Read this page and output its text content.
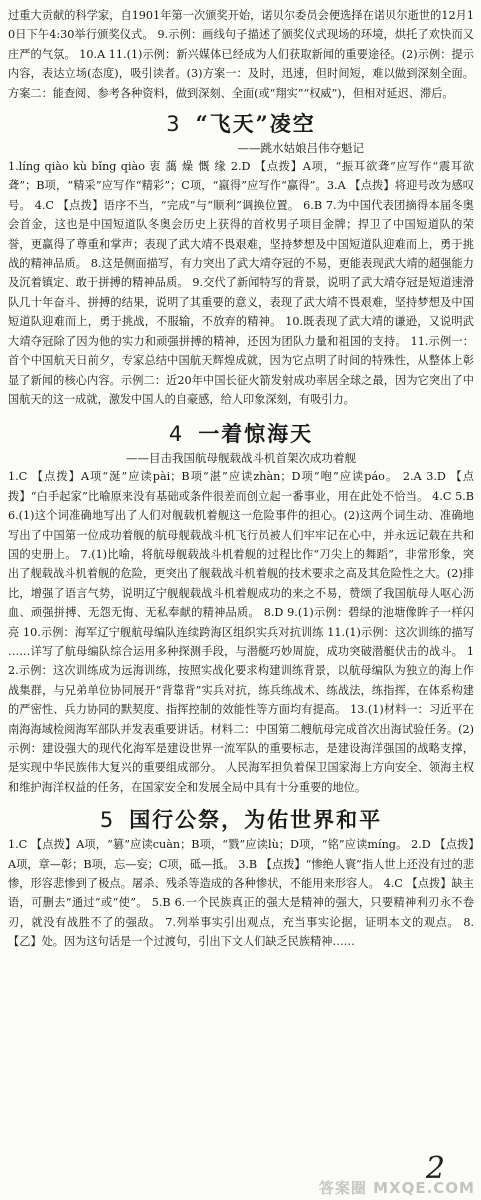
过重大贡献的科学家，自1901年第一次颁奖开始，诺贝尔委员会便选择在诺贝尔逝世的12月10日下午4:30举行颁奖仪式。 9.示例：画线句子描述了颁奖仪式现场的环境，烘托了欢快而又庄严的气氛。 10.A 11.(1)示例：新兴媒体已经成为人们获取新闻的重要途径。(2)示例：提示内容，表达立场(态度)，吸引读者。(3)方案一：及时，迅速，但时间短，难以做到深刻全面。方案二：能查阅、参考各种资料，做到深刻、全面(或“翔实”“权威”)，但相对延迟、滞后。

3 “飞天”凌空

——跳水姑娘吕伟夺魁记

1.líng qiào kù bǐng qiào 衷 藹 燥 慨 缘 2.D 【点拨】A项，“振耳欲聋”应写作“震耳欲聋”；B项，“精采”应写作“精彩”；C项，“嬴得”应写作“赢得”。3.A 【点拨】将迎号改为感叹号。 4.C 【点拨】语序不当，“完成”与“顺利”调换位置。 6.B 7.为中国代表团摘得本届冬奥会首金，这也是中国短道队冬奥会历史上获得的首枚男子项目金牌；捍卫了中国短道队的荣誉，更赢得了尊重和掌声；表现了武大靖不畏艰难，坚持梦想及中国短道队迎难而上，勇于挑战的精神品质。 8.这是侧面描写，有力突出了武大靖夺冠的不易，更能表现武大靖的超强能力及沉着镇定、敢于拼搏的精神品质。 9.交代了新闻特写的背景，说明了武大靖夺冠是短道速滑队几十年奋斗、拼搏的结果，说明了其重要的意义，表现了武大靖不畏艰难，坚持梦想及中国短道队迎难而上，勇于挑战，不服输，不放弃的精神。 10.既表现了武大靖的谦逊，又说明武大靖夺冠除了因为他的实力和顽强拼搏的精神，还因为团队力量和祖国的支持。 11.示例一：首个中国航天日前夕，专家总结中国航天辉煌成就，因为它点明了时间的特殊性，从整体上彰显了新闻的核心内容。示例二：近20年中国长征火箭发射成功率居全球之最，因为它突出了中国航天的这一成就，激发中国人的自豪感，给人印象深刻，有吸引力。

4 一着惊海天

——目击我国航母舰载战斗机首架次成功着舰

1.C 【点拨】A项“涎”应读pài；B项“湛”应读zhàn；D项“咆”应读páo。 2.A 3.D 【点拨】“白手起家”比喻原来没有基础或条件很差而创立起一番事业，用在此处不恰当。 4.C 5.B 6.(1)这个词准确地写出了人们对舰载机着舰这一危险事件的担心。(2)这两个词生动、准确地写出了中国第一位成功着舰的航母舰载战斗机飞行员被人们牢牢记在心中，并永远记载在共和国的史册上。 7.(1)比喻，将航母舰载战斗机着舰的过程比作“刀尖上的舞蹈”，非常形象，突出了舰载战斗机着舰的危险，更突出了舰载战斗机着舰的技术要求之高及其危险性之大。(2)排比，增强了语言气势，说明辽宁舰舰载战斗机着舰成功的来之不易，赞颂了我国航母人呕心沥血、顽强拼搏、无怨无悔、无私奉献的精神品质。 8.D 9.(1)示例：碧绿的池塘像眸子一样闪亮 10.示例：海军辽宁舰航母编队连续跨海区组织实兵对抗训练 11.(1)示例：这次训练的描写 ……详写了航母编队综合运用多种探测手段，与潜艇巧妙周旋，成功突破潜艇伏击的战斗。 12.示例：这次训练成为远海训练，按照实战化要求构建训练背景，以航母编队为独立的海上作战集群，与兄弟单位协同展开“背靠背”实兵对抗，练兵练战术、练战法，练指挥，在体系构建的严密性、兵力协同的默契度、指挥控制的效能性等方面均有提高。 13.(1)材料一：习近平在南海海域检阅海军部队并发表重要讲话。材料二：中国第二艘航母完成首次出海试验任务。(2)示例：建设强大的现代化海军是建设世界一流军队的重要标志，是建设海洋强国的战略支撑，是实现中华民族伟大复兴的重要组成部分。 人民海军担负着保卫国家海上方向安全、领海主权和维护海洋权益的任务，在国家安全和发展全局中具有十分重要的地位。

5 国行公祭，为佑世界和平

1.C 【点拨】A项，“篡”应读cuàn；B项，“戮”应读lù；D项，“铭”应读míng。 2.D 【点拨】A项，章—彰；B项，忘—妄；C项，砥—抵。 3.B 【点拨】“惨绝人寰”指人世上还没有过的悲惨，形容悲惨到了极点。屠杀、残杀等造成的各种惨状，不能用来形容人。 4.C 【点拨】缺主语，可删去“通过”或“使”。 5.B 6.一个民族真正的强大是精神的强大，只要精神利刃永不卷刃，就没有战胜不了的强敌。 7.列举事实引出观点，充当事实论据，证明本文的观点。 8.【乙】处。因为这句话是一个过渡句，引出下文人们缺乏民族精神……

2
答案圈 MXQE.COM
